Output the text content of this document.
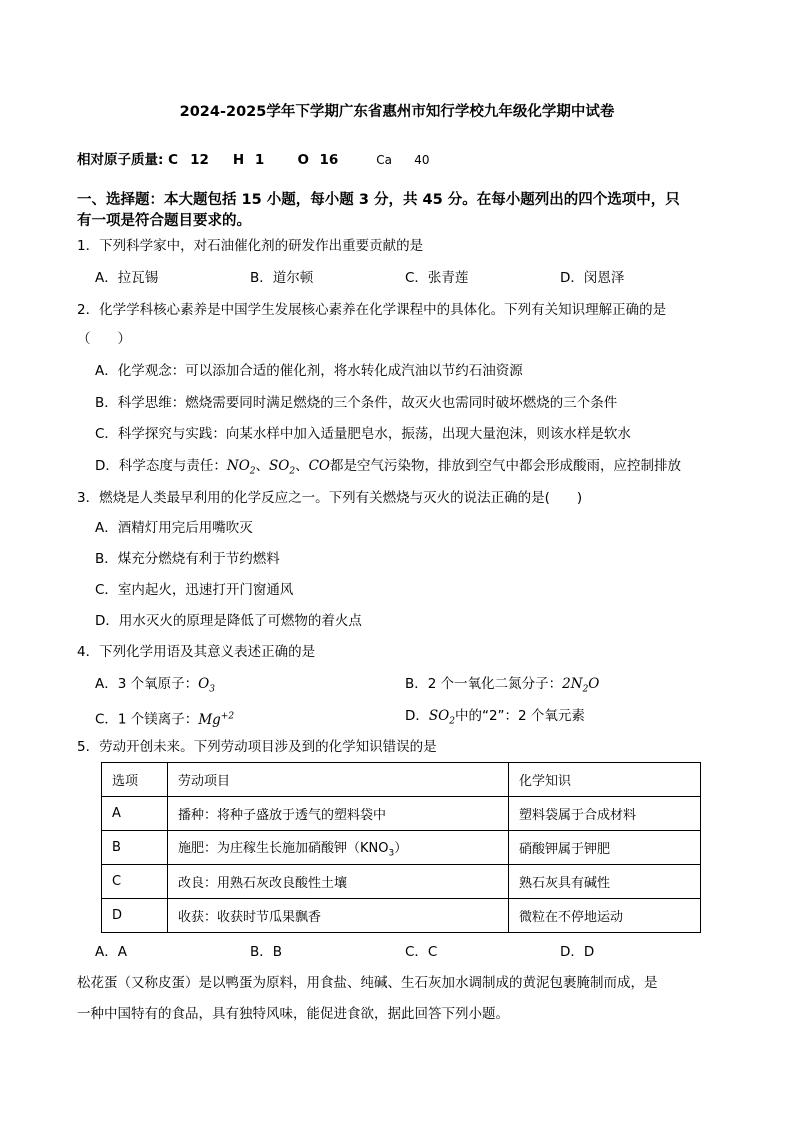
2024-2025学年下学期广东省惠州市知行学校九年级化学期中试卷
相对原子质量: C 12 H 1 O 16	Ca 40
一、选择题：本大题包括 15 小题，每小题 3 分，共 45 分。在每小题列出的四个选项中，只
有一项是符合题目要求的。
1．下列科学家中，对石油催化剂的研发作出重要贡献的是
A．拉瓦锡	B．道尔顿	C．张青莲	D．闵恩泽
2．化学学科核心素养是中国学生发展核心素养在化学课程中的具体化。下列有关知识理解正确的是
（　　）
A．化学观念：可以添加合适的催化剂，将水转化成汽油以节约石油资源
B．科学思维：燃烧需要同时满足燃烧的三个条件，故灭火也需同时破坏燃烧的三个条件
C．科学探究与实践：向某水样中加入适量肥皂水，振荡，出现大量泡沫，则该水样是软水
D．科学态度与责任：$NO_2$、$SO_2$、CO都是空气污染物，排放到空气中都会形成酸雨，应控制排放
3．燃烧是人类最早利用的化学反应之一。下列有关燃烧与灭火的说法正确的是(　　)
A．酒精灯用完后用嘴吹灭
B．煤充分燃烧有利于节约燃料
C．室内起火，迅速打开门窗通风
D．用水灭火的原理是降低了可燃物的着火点
4．下列化学用语及其意义表述正确的是
A．3 个氧原子：$O_3$	B．2 个一氧化二氮分子：$2N_2O$
C．1 个镁离子：$Mg^{+2}$	D．$SO_2$中的“2”：2 个氧元素
5．劳动开创未来。下列劳动项目涉及到的化学知识错误的是
选项	劳动项目	化学知识
A	播种：将种子盛放于透气的塑料袋中	塑料袋属于合成材料
B	施肥：为庄稼生长施加硝酸钾$(KNO_3)$	硝酸钾属于钾肥
C	改良：用熟石灰改良酸性土壤	熟石灰具有碱性
D	收获：收获时节瓜果飘香	微粒在不停地运动
A．A	B．B	C．C	D．D
松花蛋（又称皮蛋）是以鸭蛋为原料，用食盐、纯碱、生石灰加水调制成的黄泥包裹腌制而成，是
一种中国特有的食品，具有独特风味，能促进食欲，据此回答下列小题。
